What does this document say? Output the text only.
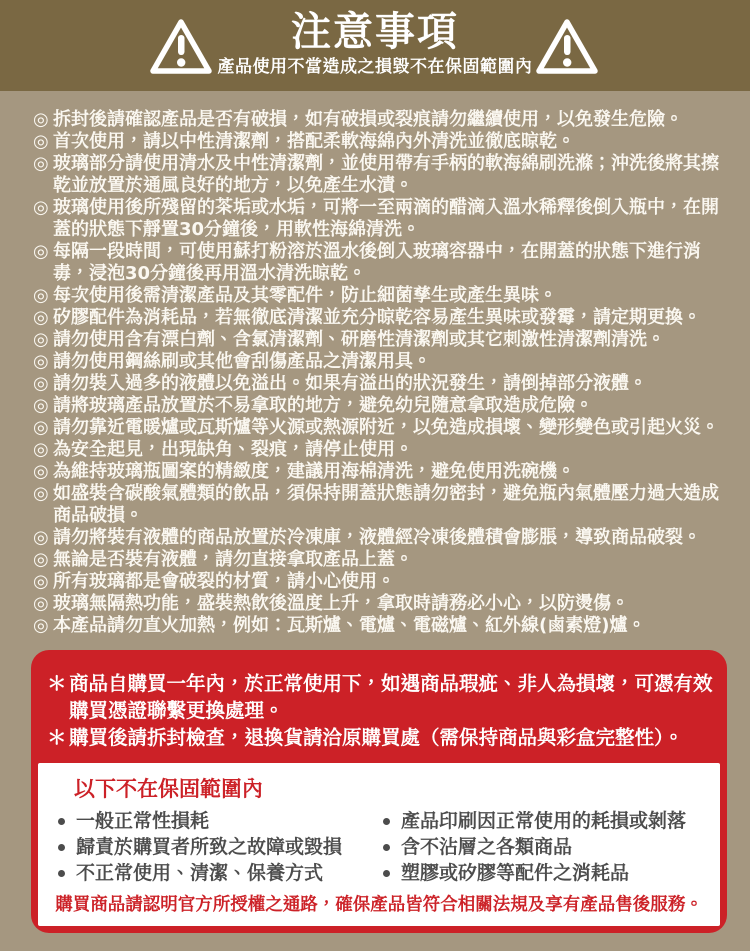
注意事項
產品使用不當造成之損毀不在保固範圍內
◎ 拆封後請確認產品是否有破損，如有破損或裂痕請勿繼續使用，以免發生危險。
◎ 首次使用，請以中性清潔劑，搭配柔軟海綿內外清洗並徹底晾乾。
◎ 玻璃部分請使用清水及中性清潔劑，並使用帶有手柄的軟海綿刷洗滌；沖洗後將其擦乾並放置於通風良好的地方，以免產生水漬。
◎ 玻璃使用後所殘留的茶垢或水垢，可將一至兩滴的醋滴入溫水稀釋後倒入瓶中，在開蓋的狀態下靜置30分鐘後，用軟性海綿清洗。
◎ 每隔一段時間，可使用蘇打粉溶於溫水後倒入玻璃容器中，在開蓋的狀態下進行消毒，浸泡30分鐘後再用溫水清洗晾乾。
◎ 每次使用後需清潔產品及其零配件，防止細菌孳生或產生異味。
◎ 矽膠配件為消耗品，若無徹底清潔並充分晾乾容易產生異味或發霉，請定期更換。
◎ 請勿使用含有漂白劑、含氯清潔劑、研磨性清潔劑或其它刺激性清潔劑清洗。
◎ 請勿使用鋼絲刷或其他會刮傷產品之清潔用具。
◎ 請勿裝入過多的液體以免溢出。如果有溢出的狀況發生，請倒掉部分液體。
◎ 請將玻璃產品放置於不易拿取的地方，避免幼兒隨意拿取造成危險。
◎ 請勿靠近電暖爐或瓦斯爐等火源或熱源附近，以免造成損壞、變形變色或引起火災。
◎ 為安全起見，出現缺角、裂痕，請停止使用。
◎ 為維持玻璃瓶圖案的精緻度，建議用海棉清洗，避免使用洗碗機。
◎ 如盛裝含碳酸氣體類的飲品，須保持開蓋狀態請勿密封，避免瓶內氣體壓力過大造成商品破損。
◎ 請勿將裝有液體的商品放置於冷凍庫，液體經冷凍後體積會膨脹，導致商品破裂。
◎ 無論是否裝有液體，請勿直接拿取產品上蓋。
◎ 所有玻璃都是會破裂的材質，請小心使用。
◎ 玻璃無隔熱功能，盛裝熱飲後溫度上升，拿取時請務必小心，以防燙傷。
◎ 本產品請勿直火加熱，例如：瓦斯爐、電爐、電磁爐、紅外線(鹵素燈)爐。
＊ 商品自購買一年內，於正常使用下，如遇商品瑕疵、非人為損壞，可憑有效購買憑證聯繫更換處理。
＊ 購買後請拆封檢查，退換貨請洽原購買處（需保持商品與彩盒完整性）。
以下不在保固範圍內
一般正常性損耗
歸責於購買者所致之故障或毀損
不正常使用、清潔、保養方式
產品印刷因正常使用的耗損或剝落
含不沾層之各類商品
塑膠或矽膠等配件之消耗品

購買商品請認明官方所授權之通路，確保產品皆符合相關法規及享有產品售後服務。
